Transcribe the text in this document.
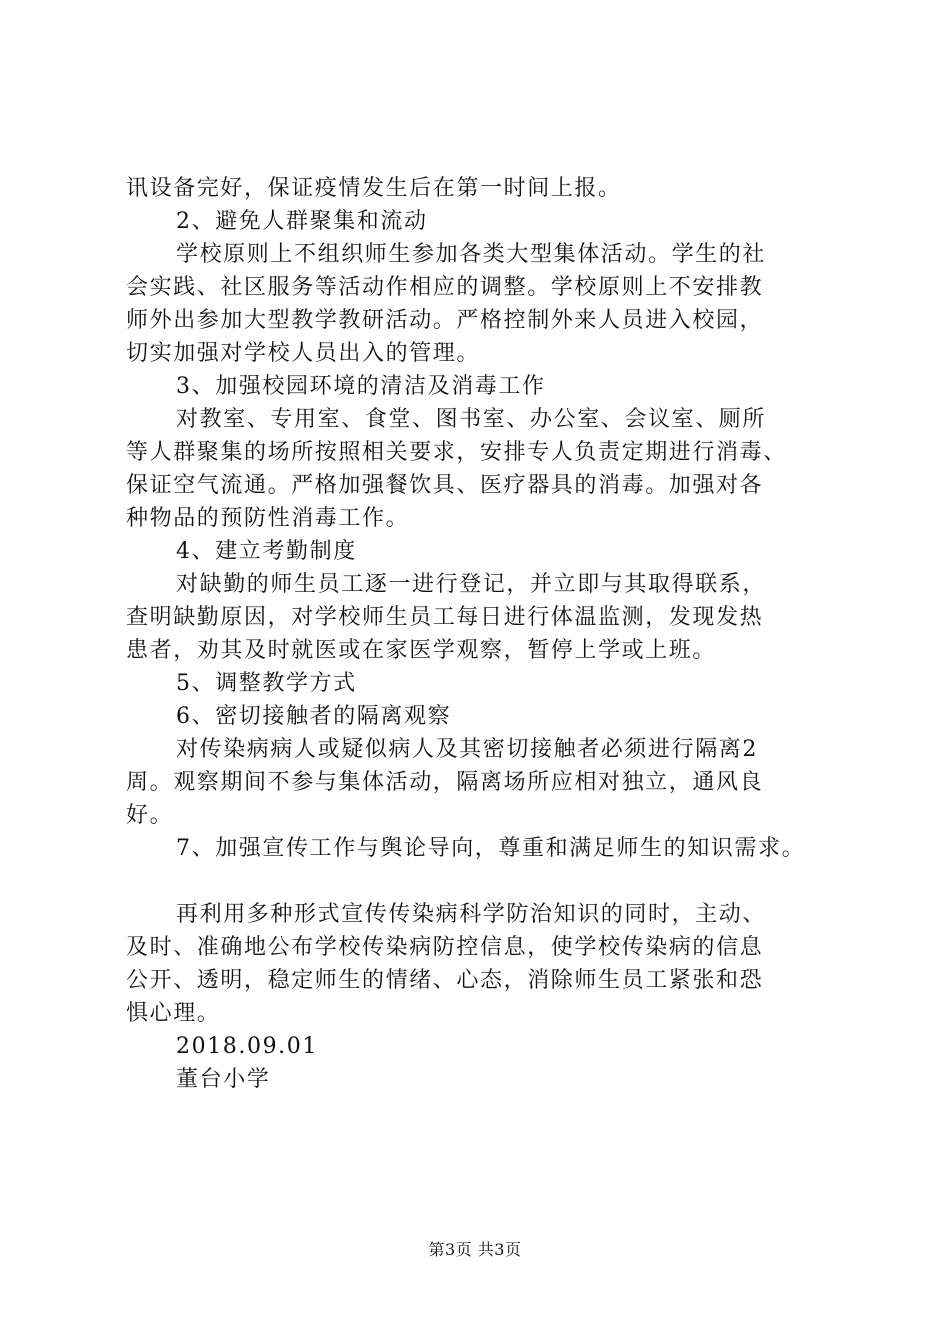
讯设备完好，保证疫情发生后在第一时间上报。
2、避免人群聚集和流动
学校原则上不组织师生参加各类大型集体活动。学生的社
会实践、社区服务等活动作相应的调整。学校原则上不安排教
师外出参加大型教学教研活动。严格控制外来人员进入校园，
切实加强对学校人员出入的管理。
3、加强校园环境的清洁及消毒工作
对教室、专用室、食堂、图书室、办公室、会议室、厕所
等人群聚集的场所按照相关要求，安排专人负责定期进行消毒、
保证空气流通。严格加强餐饮具、医疗器具的消毒。加强对各
种物品的预防性消毒工作。
4、建立考勤制度
对缺勤的师生员工逐一进行登记，并立即与其取得联系，
查明缺勤原因，对学校师生员工每日进行体温监测，发现发热
患者，劝其及时就医或在家医学观察，暂停上学或上班。
5、调整教学方式
6、密切接触者的隔离观察
对传染病病人或疑似病人及其密切接触者必须进行隔离2
周。观察期间不参与集体活动，隔离场所应相对独立，通风良
好。
7、加强宣传工作与舆论导向，尊重和满足师生的知识需求。
再利用多种形式宣传传染病科学防治知识的同时，主动、
及时、准确地公布学校传染病防控信息，使学校传染病的信息
公开、透明，稳定师生的情绪、心态，消除师生员工紧张和恐
惧心理。
2018.09.01
董台小学
第3页 共3页
